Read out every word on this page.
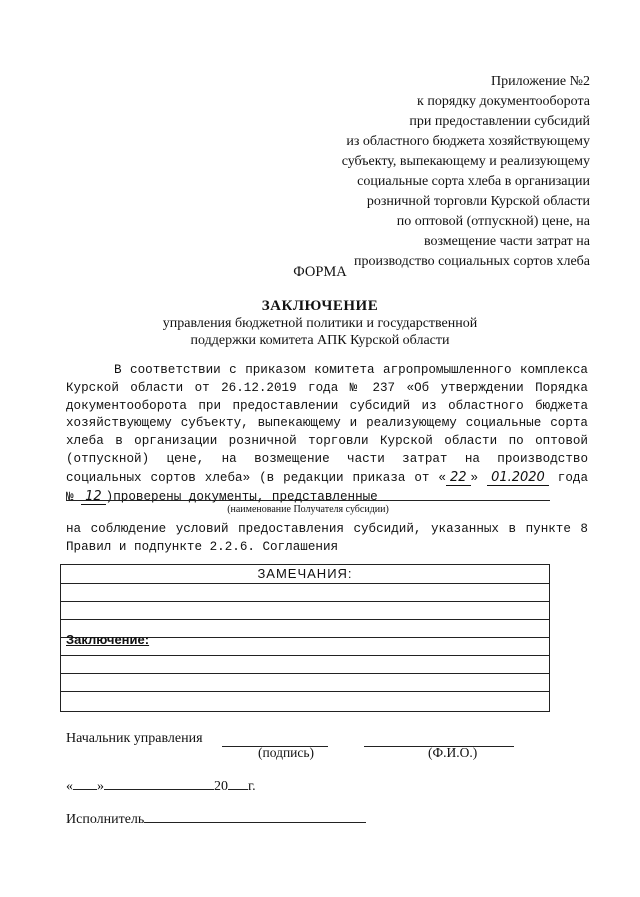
Приложение №2
к порядку документооборота
при предоставлении субсидий
из областного бюджета хозяйствующему
субъекту, выпекающему и реализующему
социальные сорта хлеба в организации
розничной торговли Курской области
по оптовой (отпускной) цене, на
возмещение части затрат на
производство социальных сортов хлеба
ФОРМА
ЗАКЛЮЧЕНИЕ
управления бюджетной политики и государственной
поддержки комитета АПК Курской области
В соответствии с приказом комитета агропромышленного комплекса Курской области от 26.12.2019 года № 237 «Об утверждении Порядка документооборота при предоставлении субсидий из областного бюджета хозяйствующему субъекту, выпекающему и реализующему социальные сорта хлеба в организации розничной торговли Курской области по оптовой (отпускной) цене, на возмещение части затрат на производство социальных сортов хлеба» (в редакции приказа от « 22 » 01.2020 года № 12 )проверены документы, представленные
(наименование Получателя субсидии)
на соблюдение условий предоставления субсидий, указанных в пункте 8 Правил и подпункте 2.2.6. Соглашения
ЗАМЕЧАНИЯ:
Заключение:
Начальник управления
(подпись)	(Ф.И.О.)
« »	20 г.
Исполнитель
